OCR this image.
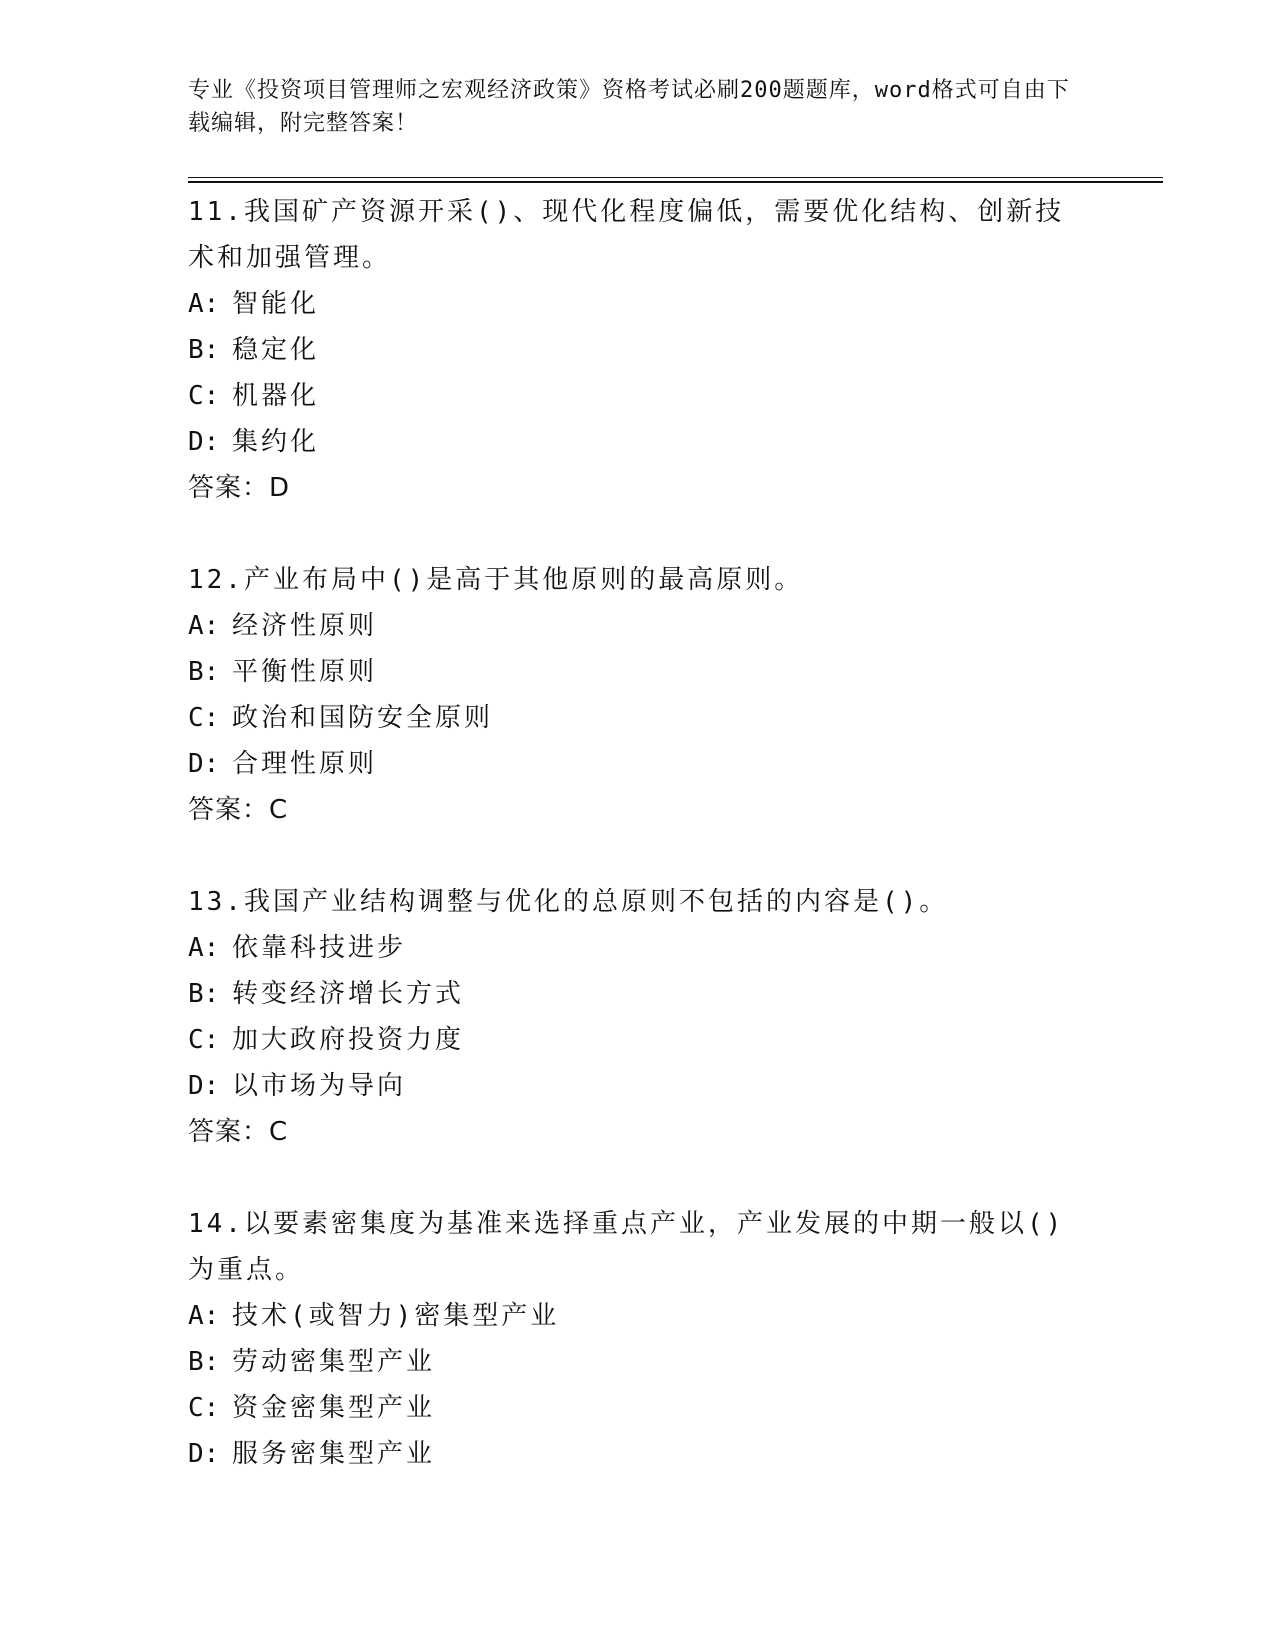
专业《投资项目管理师之宏观经济政策》资格考试必刷200题题库，word格式可自由下载编辑，附完整答案！

11.我国矿产资源开采()、现代化程度偏低，需要优化结构、创新技术和加强管理。

A: 智能化

B: 稳定化

C: 机器化

D: 集约化

答案：D

12.产业布局中()是高于其他原则的最高原则。

A: 经济性原则

B: 平衡性原则

C: 政治和国防安全原则

D: 合理性原则

答案：C

13.我国产业结构调整与优化的总原则不包括的内容是()。

A: 依靠科技进步

B: 转变经济增长方式

C: 加大政府投资力度

D: 以市场为导向

答案：C

14.以要素密集度为基准来选择重点产业，产业发展的中期一般以()为重点。

A: 技术(或智力)密集型产业

B: 劳动密集型产业

C: 资金密集型产业

D: 服务密集型产业
